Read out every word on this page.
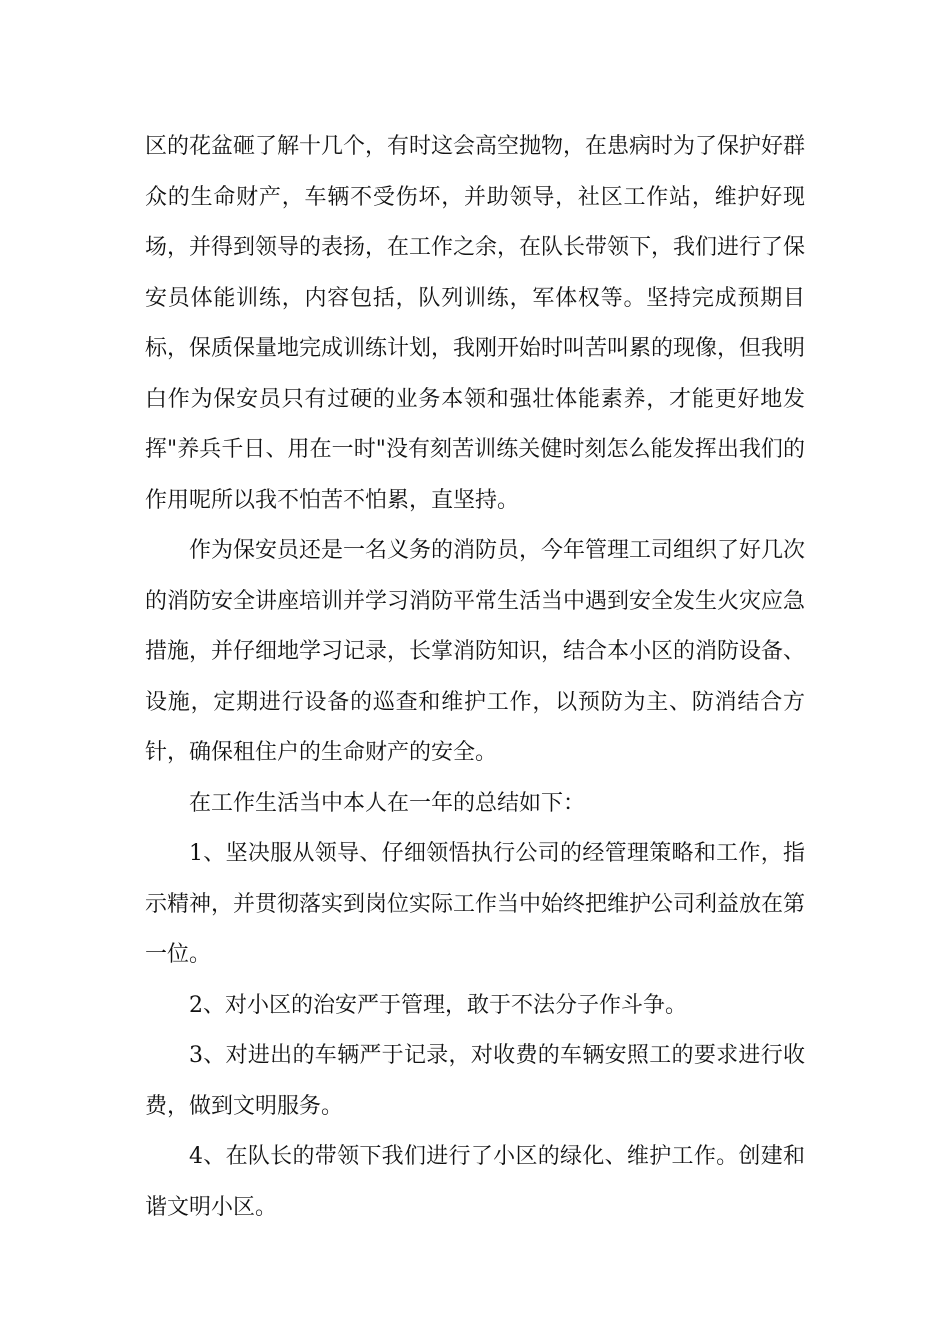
区的花盆砸了解十几个，有时这会高空抛物，在患病时为了保护好群众的生命财产，车辆不受伤坏，并助领导，社区工作站，维护好现场，并得到领导的表扬，在工作之余，在队长带领下，我们进行了保安员体能训练，内容包括，队列训练，军体权等。坚持完成预期目标，保质保量地完成训练计划，我刚开始时叫苦叫累的现像，但我明白作为保安员只有过硬的业务本领和强壮体能素养，才能更好地发挥"养兵千日、用在一时"没有刻苦训练关健时刻怎么能发挥出我们的作用呢所以我不怕苦不怕累，直坚持。

作为保安员还是一名义务的消防员，今年管理工司组织了好几次的消防安全讲座培训并学习消防平常生活当中遇到安全发生火灾应急措施，并仔细地学习记录，长掌消防知识，结合本小区的消防设备、设施，定期进行设备的巡查和维护工作，以预防为主、防消结合方针，确保租住户的生命财产的安全。

在工作生活当中本人在一年的总结如下：

1、坚决服从领导、仔细领悟执行公司的经管理策略和工作，指示精神，并贯彻落实到岗位实际工作当中始终把维护公司利益放在第一位。

2、对小区的治安严于管理，敢于不法分子作斗争。

3、对进出的车辆严于记录，对收费的车辆安照工的要求进行收费，做到文明服务。

4、在队长的带领下我们进行了小区的绿化、维护工作。创建和谐文明小区。
